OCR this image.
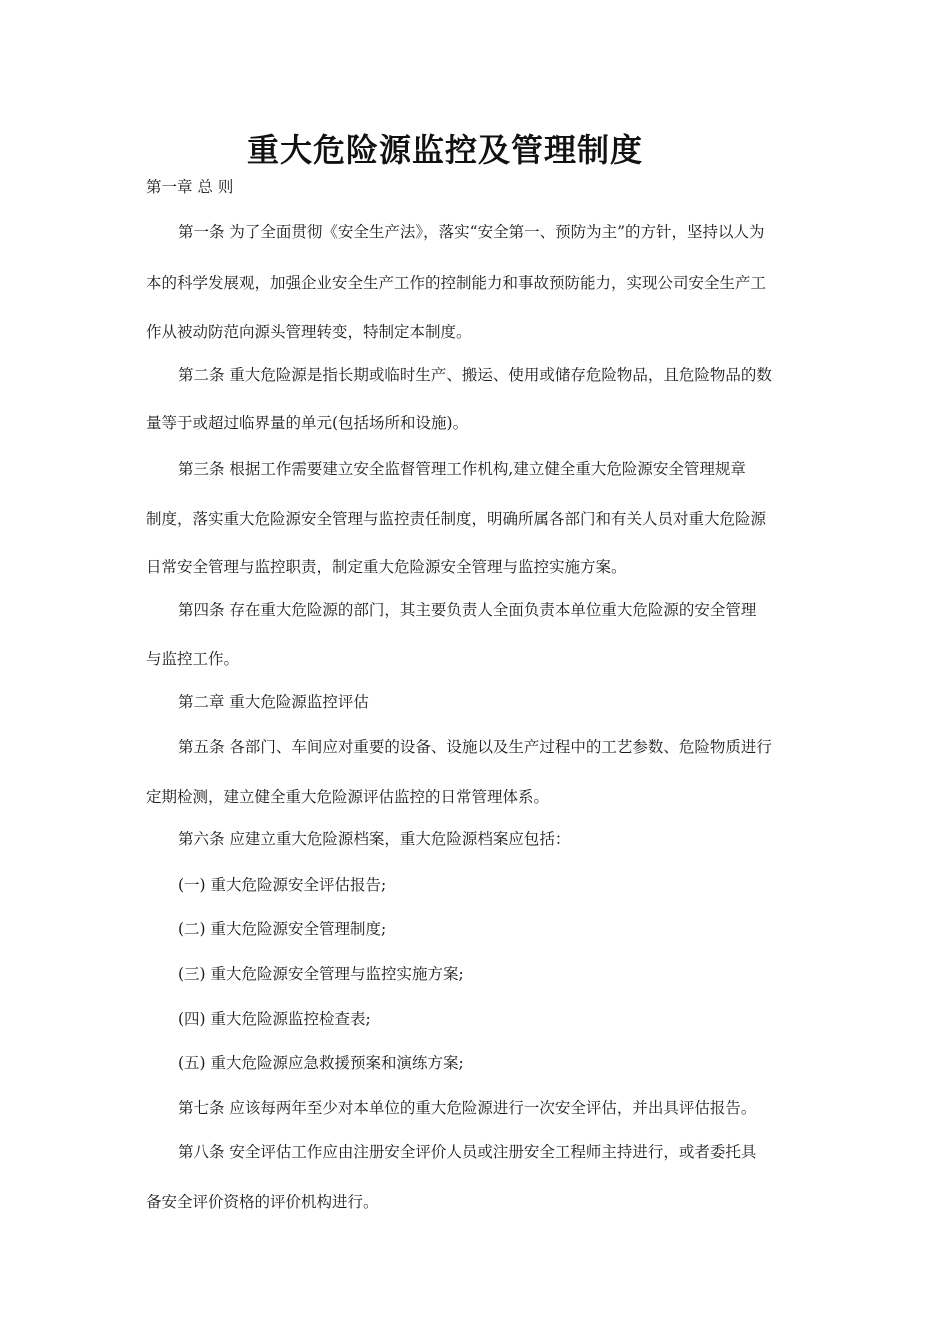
重大危险源监控及管理制度
第一章 总 则
第一条 为了全面贯彻《安全生产法》，落实“安全第一、预防为主”的方针，坚持以人为
本的科学发展观，加强企业安全生产工作的控制能力和事故预防能力，实现公司安全生产工
作从被动防范向源头管理转变，特制定本制度。
第二条 重大危险源是指长期或临时生产、搬运、使用或储存危险物品，且危险物品的数
量等于或超过临界量的单元(包括场所和设施)。
第三条 根据工作需要建立安全监督管理工作机构,建立健全重大危险源安全管理规章
制度，落实重大危险源安全管理与监控责任制度，明确所属各部门和有关人员对重大危险源
日常安全管理与监控职责，制定重大危险源安全管理与监控实施方案。
第四条 存在重大危险源的部门，其主要负责人全面负责本单位重大危险源的安全管理
与监控工作。
第二章 重大危险源监控评估
第五条 各部门、车间应对重要的设备、设施以及生产过程中的工艺参数、危险物质进行
定期检测，建立健全重大危险源评估监控的日常管理体系。
第六条 应建立重大危险源档案，重大危险源档案应包括：
(一) 重大危险源安全评估报告;
(二) 重大危险源安全管理制度;
(三) 重大危险源安全管理与监控实施方案;
(四) 重大危险源监控检查表;
(五) 重大危险源应急救援预案和演练方案;
第七条 应该每两年至少对本单位的重大危险源进行一次安全评估，并出具评估报告。
第八条 安全评估工作应由注册安全评价人员或注册安全工程师主持进行，或者委托具
备安全评价资格的评价机构进行。
